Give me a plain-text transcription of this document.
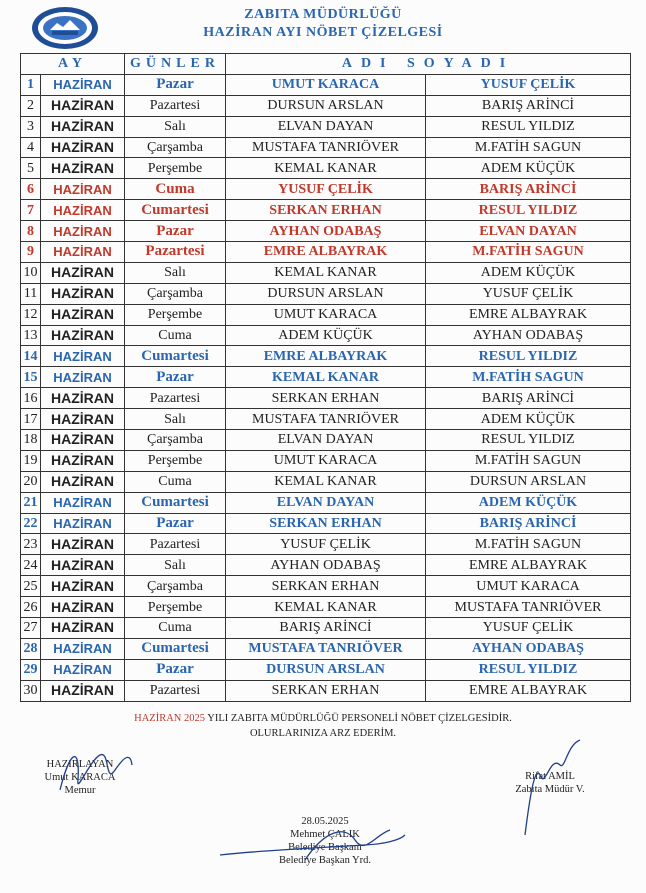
ZABITA MÜDÜRLÜĞÜ
HAZİRAN AYI NÖBET ÇİZELGESİ
AY		GÜNLER	ADI SOYADI	
1	HAZİRAN	Pazar	UMUT KARACA	YUSUF ÇELİK
2	HAZİRAN	Pazartesi	DURSUN ARSLAN	BARIŞ ARİNCİ
3	HAZİRAN	Salı	ELVAN DAYAN	RESUL YILDIZ
4	HAZİRAN	Çarşamba	MUSTAFA TANRIÖVER	M.FATİH SAGUN
5	HAZİRAN	Perşembe	KEMAL KANAR	ADEM KÜÇÜK
6	HAZİRAN	Cuma	YUSUF ÇELİK	BARIŞ ARİNCİ
7	HAZİRAN	Cumartesi	SERKAN ERHAN	RESUL YILDIZ
8	HAZİRAN	Pazar	AYHAN ODABAŞ	ELVAN DAYAN
9	HAZİRAN	Pazartesi	EMRE ALBAYRAK	M.FATİH SAGUN
10	HAZİRAN	Salı	KEMAL KANAR	ADEM KÜÇÜK
11	HAZİRAN	Çarşamba	DURSUN ARSLAN	YUSUF ÇELİK
12	HAZİRAN	Perşembe	UMUT KARACA	EMRE ALBAYRAK
13	HAZİRAN	Cuma	ADEM KÜÇÜK	AYHAN ODABAŞ
14	HAZİRAN	Cumartesi	EMRE ALBAYRAK	RESUL YILDIZ
15	HAZİRAN	Pazar	KEMAL KANAR	M.FATİH SAGUN
16	HAZİRAN	Pazartesi	SERKAN ERHAN	BARIŞ ARİNCİ
17	HAZİRAN	Salı	MUSTAFA TANRIÖVER	ADEM KÜÇÜK
18	HAZİRAN	Çarşamba	ELVAN DAYAN	RESUL YILDIZ
19	HAZİRAN	Perşembe	UMUT KARACA	M.FATİH SAGUN
20	HAZİRAN	Cuma	KEMAL KANAR	DURSUN ARSLAN
21	HAZİRAN	Cumartesi	ELVAN DAYAN	ADEM KÜÇÜK
22	HAZİRAN	Pazar	SERKAN ERHAN	BARIŞ ARİNCİ
23	HAZİRAN	Pazartesi	YUSUF ÇELİK	M.FATİH SAGUN
24	HAZİRAN	Salı	AYHAN ODABAŞ	EMRE ALBAYRAK
25	HAZİRAN	Çarşamba	SERKAN ERHAN	UMUT KARACA
26	HAZİRAN	Perşembe	KEMAL KANAR	MUSTAFA TANRIÖVER
27	HAZİRAN	Cuma	BARIŞ ARİNCİ	YUSUF ÇELİK
28	HAZİRAN	Cumartesi	MUSTAFA TANRIÖVER	AYHAN ODABAŞ
29	HAZİRAN	Pazar	DURSUN ARSLAN	RESUL YILDIZ
30	HAZİRAN	Pazartesi	SERKAN ERHAN	EMRE ALBAYRAK
HAZİRAN 2025 YILI ZABITA MÜDÜRLÜĞÜ PERSONELİ NÖBET ÇİZELGESİDİR.
OLURLARINIZA ARZ EDERİM.
HAZIRLAYAN
Umut KARACA
Memur
Rifat AMİL
Zabıta Müdür V.
28.05.2025
Mehmet ÇALIK
Belediye Başkanı
Belediye Başkan Yrd.
